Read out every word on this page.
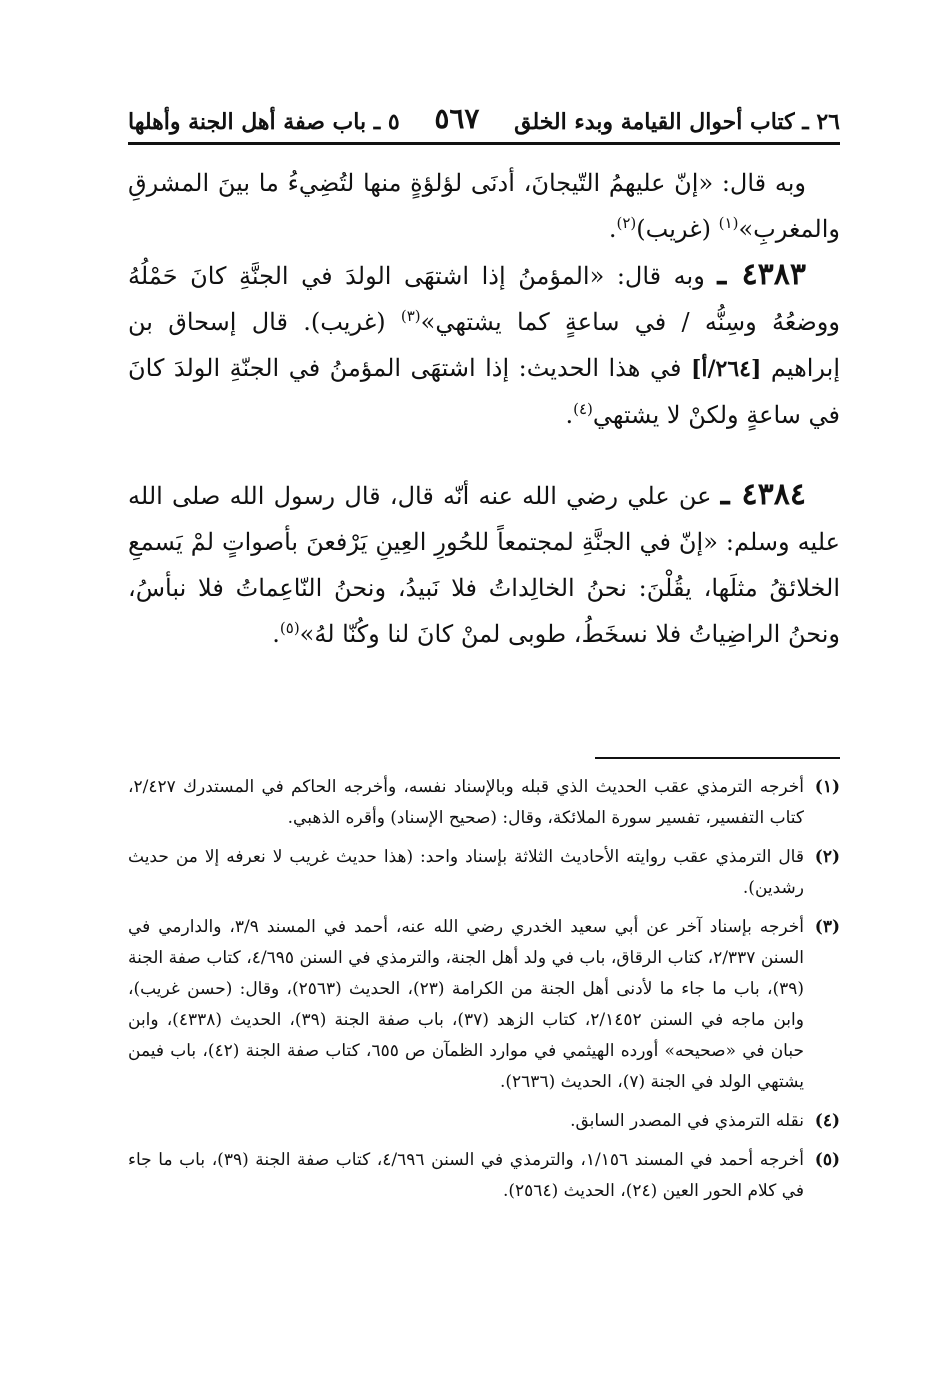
٢٦ ـ كتاب أحوال القيامة وبدء الخلق
٥٦٧
٥ ـ باب صفة أهل الجنة وأهلها

وبه قال: «إنّ عليهمُ التّيجانَ، أدنَى لؤلؤةٍ منها لتُضِيءُ ما بينَ المشرقِ والمغربِ»$^{(١)}$ (غريب)$^{(٢)}$.

٤٣٨٣ ـ وبه قال: «المؤمنُ إذا اشتهَى الولدَ في الجنَّةِ كانَ حَمْلُهُ ووضعُهُ وسِنُّه / في ساعةٍ كما يشتهي»$^{(٣)}$ (غريب). قال إسحاق بن إبراهيم [٢٦٤/أ] في هذا الحديث: إذا اشتهَى المؤمنُ في الجنّةِ الولدَ كانَ في ساعةٍ ولكنْ لا يشتهي$^{(٤)}$.

٤٣٨٤ ـ عن علي رضي الله عنه أنّه قال، قال رسول الله صلى الله عليه وسلم: «إنّ في الجنَّةِ لمجتمعاً للحُورِ العِينِ يَرْفعنَ بأصواتٍ لمْ يَسمعِ الخلائقُ مثلَها، يقُلْنَ: نحنُ الخالِداتُ فلا نَبيدُ، ونحنُ النّاعِماتُ فلا نبأسُ، ونحنُ الراضِياتُ فلا نسخَطُ، طوبى لمنْ كانَ لنا وكُنّا لهُ»$^{(٥)}$.

(١)
أخرجه الترمذي عقب الحديث الذي قبله وبالإسناد نفسه، وأخرجه الحاكم في المستدرك ٢/٤٢٧، كتاب التفسير، تفسير سورة الملائكة، وقال: (صحيح الإسناد) وأقره الذهبي.
(٢)
قال الترمذي عقب روايته الأحاديث الثلاثة بإسناد واحد: (هذا حديث غريب لا نعرفه إلا من حديث رشدين).
(٣)
أخرجه بإسناد آخر عن أبي سعيد الخدري رضي الله عنه، أحمد في المسند ٣/٩، والدارمي في السنن ٢/٣٣٧، كتاب الرقاق، باب في ولد أهل الجنة، والترمذي في السنن ٤/٦٩٥، كتاب صفة الجنة (٣٩)، باب ما جاء ما لأدنى أهل الجنة من الكرامة (٢٣)، الحديث (٢٥٦٣)، وقال: (حسن غريب)، وابن ماجه في السنن ٢/١٤٥٢، كتاب الزهد (٣٧)، باب صفة الجنة (٣٩)، الحديث (٤٣٣٨)، وابن حبان في «صحيحه» أورده الهيثمي في موارد الظمآن ص ٦٥٥، كتاب صفة الجنة (٤٢)، باب فيمن يشتهي الولد في الجنة (٧)، الحديث (٢٦٣٦).
(٤)
نقله الترمذي في المصدر السابق.
(٥)
أخرجه أحمد في المسند ١/١٥٦، والترمذي في السنن ٤/٦٩٦، كتاب صفة الجنة (٣٩)، باب ما جاء في كلام الحور العين (٢٤)، الحديث (٢٥٦٤).
